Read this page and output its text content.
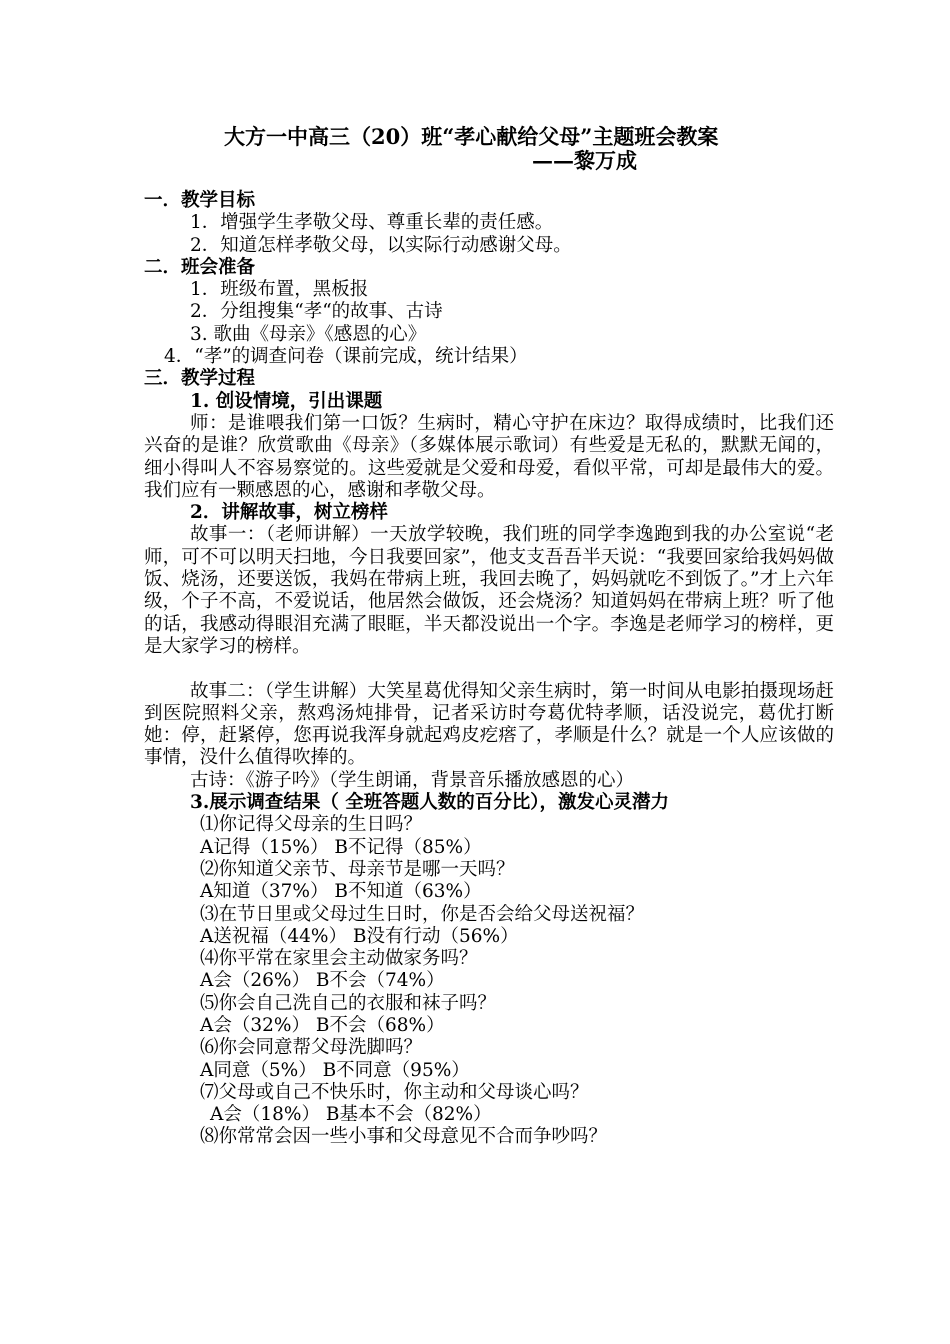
大方一中高三（20）班“孝心献给父母”主题班会教案
——黎万成
一．教学目标
1．增强学生孝敬父母、尊重长辈的责任感。
2．知道怎样孝敬父母，以实际行动感谢父母。
二．班会准备
1．班级布置，黑板报
2．分组搜集“孝“的故事、古诗
3. 歌曲《母亲》《感恩的心》
4．“孝”的调查问卷（课前完成，统计结果）
三．教学过程
1. 创设情境，引出课题
师：是谁喂我们第一口饭？生病时，精心守护在床边？取得成绩时，比我们还兴奋的是谁？欣赏歌曲《母亲》（多媒体展示歌词）有些爱是无私的，默默无闻的，细小得叫人不容易察觉的。这些爱就是父爱和母爱，看似平常，可却是最伟大的爱。我们应有一颗感恩的心，感谢和孝敬父母。
2．讲解故事，树立榜样
故事一：（老师讲解）一天放学较晚，我们班的同学李逸跑到我的办公室说“老师，可不可以明天扫地，今日我要回家”，他支支吾吾半天说：“我要回家给我妈妈做饭、烧汤，还要送饭，我妈在带病上班，我回去晚了，妈妈就吃不到饭了。”才上六年级，个子不高，不爱说话，他居然会做饭，还会烧汤？知道妈妈在带病上班？听了他的话，我感动得眼泪充满了眼眶，半天都没说出一个字。李逸是老师学习的榜样，更是大家学习的榜样。
故事二：（学生讲解）大笑星葛优得知父亲生病时，第一时间从电影拍摄现场赶到医院照料父亲，熬鸡汤炖排骨，记者采访时夸葛优特孝顺，话没说完，葛优打断她：停，赶紧停，您再说我浑身就起鸡皮疙瘩了，孝顺是什么？就是一个人应该做的事情，没什么值得吹捧的。
古诗：《游子吟》（学生朗诵，背景音乐播放感恩的心）
3.展示调查结果（ 全班答题人数的百分比），激发心灵潜力
⑴你记得父母亲的生日吗？
A记得（15%） B不记得（85%）
⑵你知道父亲节、母亲节是哪一天吗？
A知道（37%） B不知道（63%）
⑶在节日里或父母过生日时，你是否会给父母送祝福？
A送祝福（44%） B没有行动（56%）
⑷你平常在家里会主动做家务吗？
A会（26%） B不会（74%）
⑸你会自己洗自己的衣服和袜子吗？
A会（32%） B不会（68%）
⑹你会同意帮父母洗脚吗？
A同意（5%） B不同意（95%）
⑺父母或自己不快乐时，你主动和父母谈心吗？
A会（18%） B基本不会（82%）
⑻你常常会因一些小事和父母意见不合而争吵吗？
